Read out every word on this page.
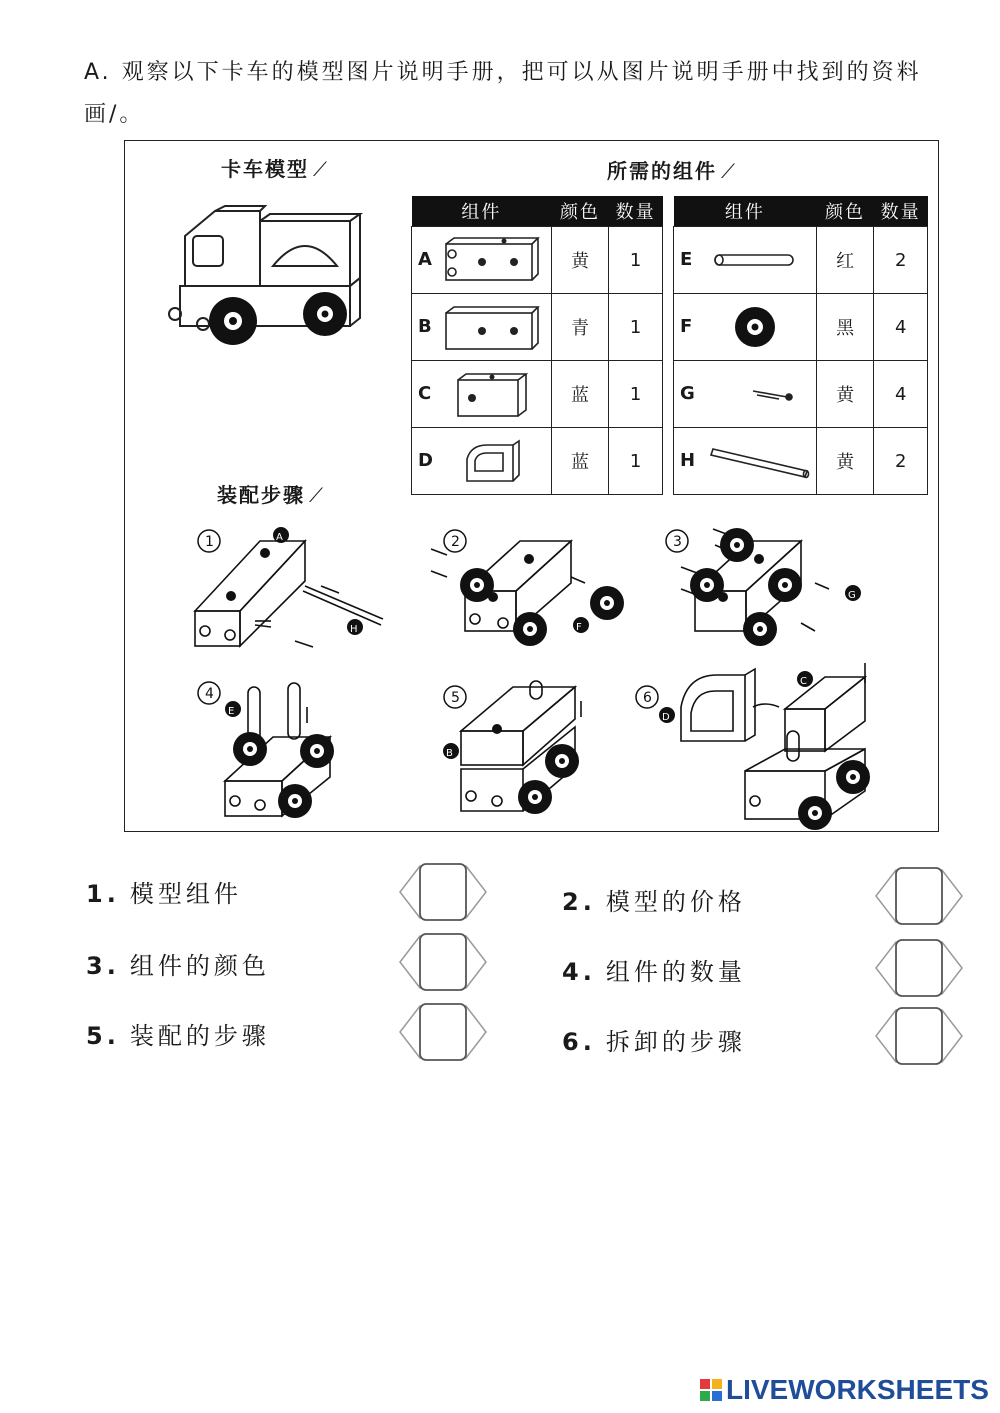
A. 观察以下卡车的模型图片说明手册，把可以从图片说明手册中找到的资料画/。
卡车模型 ⟋	所需的组件 ⟋
组件	颜色	数量
A	黄	1
B	青	1
C	蓝	1
D	蓝	1
组件	颜色	数量
E	红	2
F	黑	4
G	黄	4
H	黄	2
装配步骤 ⟋
1	A
H
2
F
3
G
4
E
5
B
6
D
C
1. 模型组件	2. 模型的价格
3. 组件的颜色	4. 组件的数量
5. 装配的步骤	6. 拆卸的步骤
LIVEWORKSHEETS
